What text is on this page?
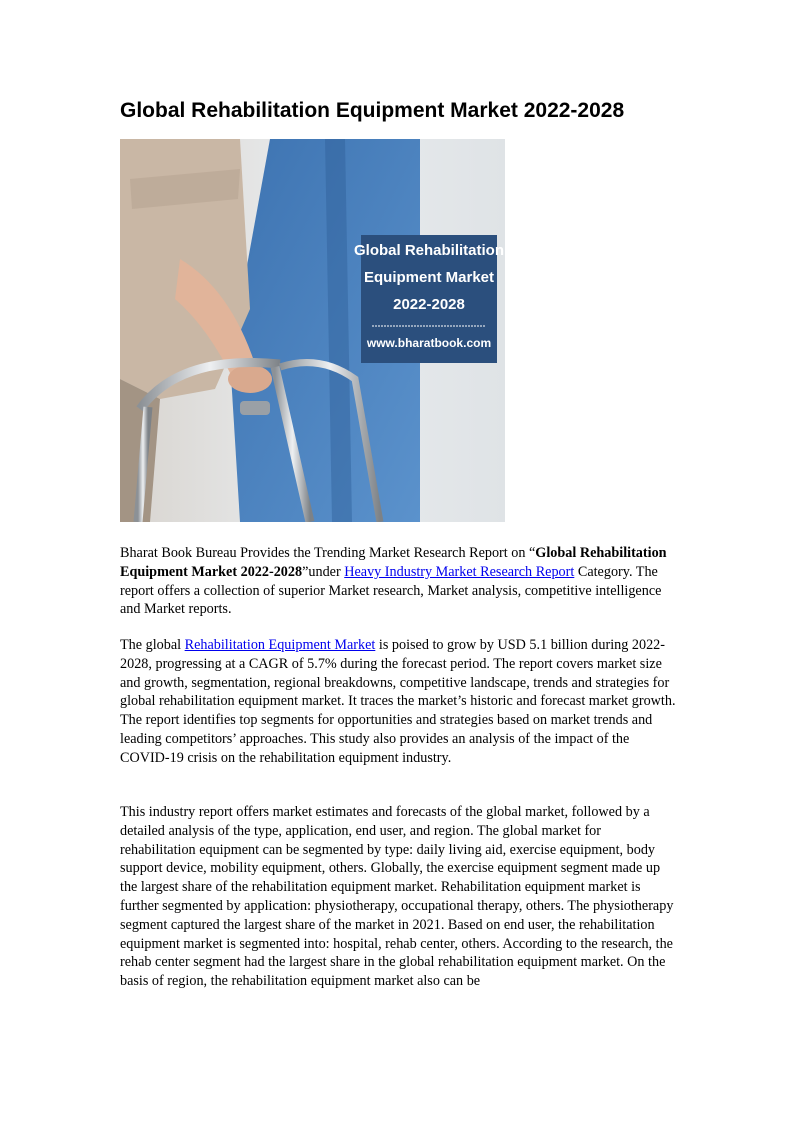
Global Rehabilitation Equipment Market 2022-2028
Global Rehabilitation
Equipment Market
2022-2028
www.bharatbook.com

Bharat Book Bureau Provides the Trending Market Research Report on “Global Rehabilitation Equipment Market 2022-2028”under Heavy Industry Market Research Report Category. The report offers a collection of superior Market research, Market analysis, competitive intelligence and Market reports.

The global Rehabilitation Equipment Market is poised to grow by USD 5.1 billion during 2022-2028, progressing at a CAGR of 5.7% during the forecast period. The report covers market size and growth, segmentation, regional breakdowns, competitive landscape, trends and strategies for global rehabilitation equipment market. It traces the market’s historic and forecast market growth. The report identifies top segments for opportunities and strategies based on market trends and leading competitors’ approaches. This study also provides an analysis of the impact of the COVID-19 crisis on the rehabilitation equipment industry.

This industry report offers market estimates and forecasts of the global market, followed by a detailed analysis of the type, application, end user, and region. The global market for rehabilitation equipment can be segmented by type: daily living aid, exercise equipment, body support device, mobility equipment, others. Globally, the exercise equipment segment made up the largest share of the rehabilitation equipment market. Rehabilitation equipment market is further segmented by application: physiotherapy, occupational therapy, others. The physiotherapy segment captured the largest share of the market in 2021. Based on end user, the rehabilitation equipment market is segmented into: hospital, rehab center, others. According to the research, the rehab center segment had the largest share in the global rehabilitation equipment market. On the basis of region, the rehabilitation equipment market also can be
